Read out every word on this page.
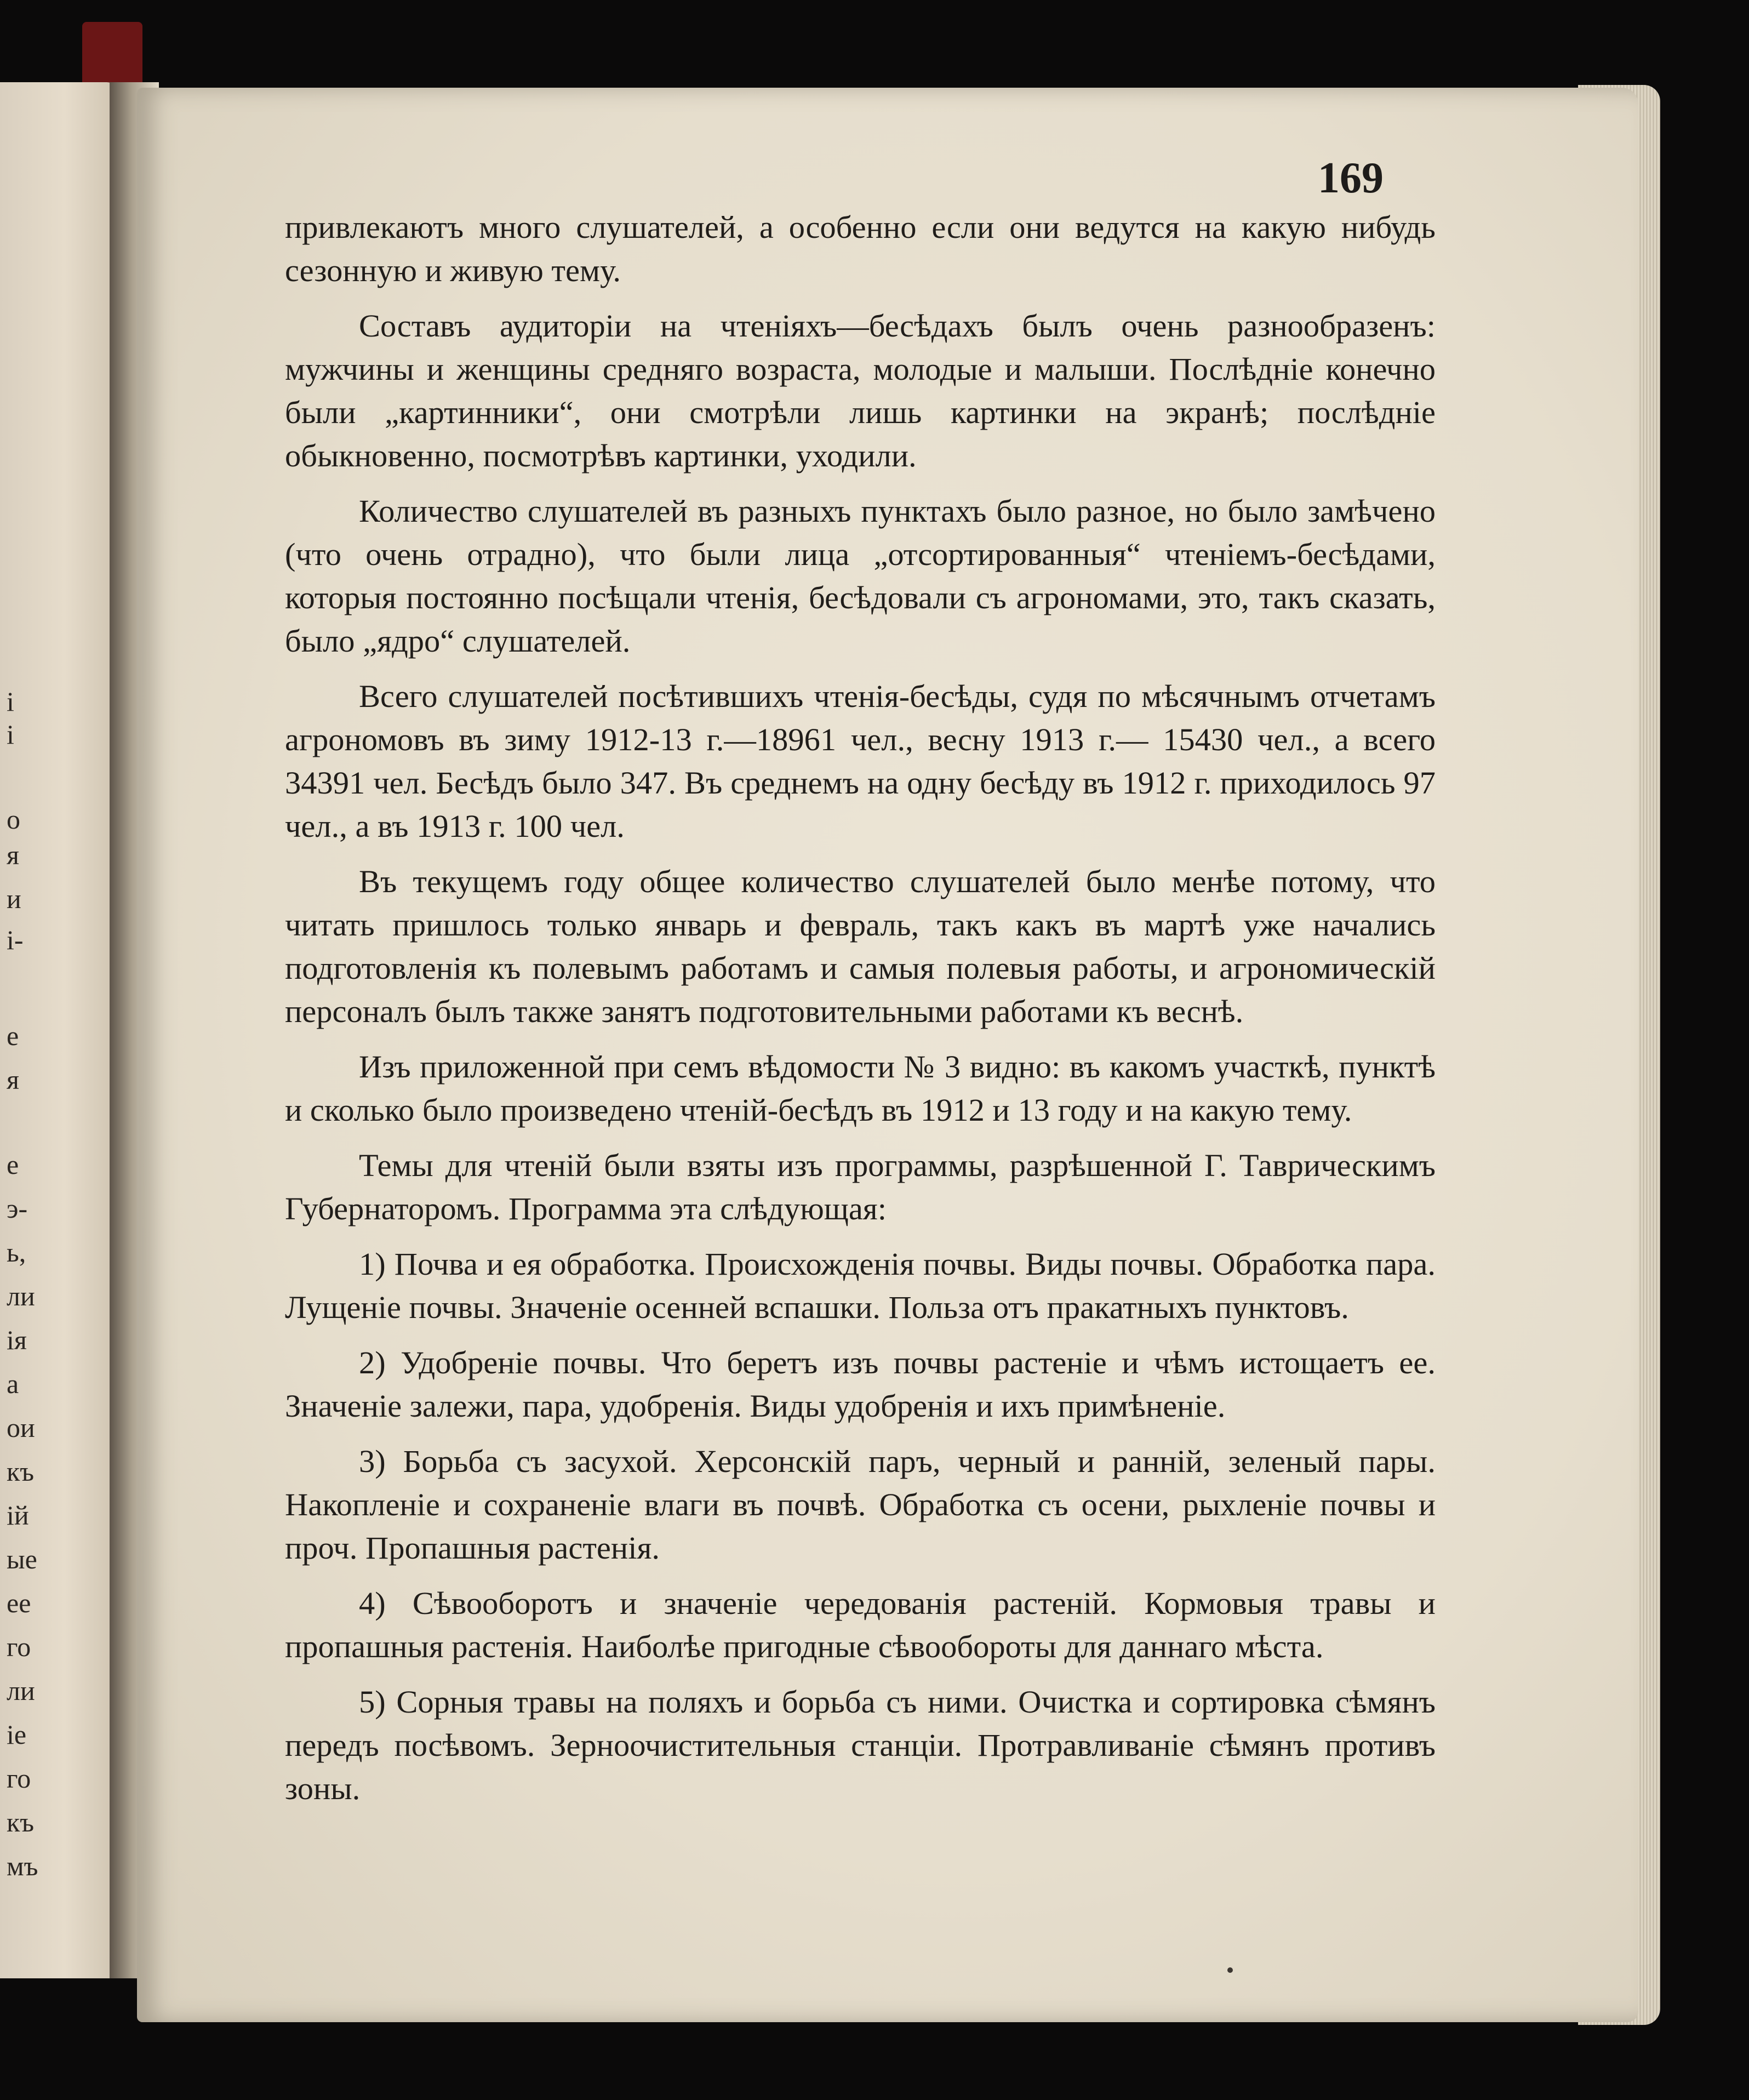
і
і
о
я
и
і-
е
я
е
э-
ь,
ли
ія
а
ои
къ
ій
ые
ее
го
ли
іе
го
къ
мъ
169

привлекаютъ много слушателей, а особенно если они ведутся на какую нибудь сезонную и живую тему.

Составъ аудиторіи на чтеніяхъ—бесѣдахъ былъ очень разнообразенъ: мужчины и женщины средняго возраста, молодые и малыши. Послѣдніе конечно были „картинники“, они смотрѣли лишь картинки на экранѣ; послѣдніе обыкновенно, посмотрѣвъ картинки, уходили.

Количество слушателей въ разныхъ пунктахъ было разное, но было замѣчено (что очень отрадно), что были лица „отсортированныя“ чтеніемъ-бесѣдами, которыя постоянно посѣщали чтенія, бесѣдовали съ агрономами, это, такъ сказать, было „ядро“ слушателей.

Всего слушателей посѣтившихъ чтенія-бесѣды, судя по мѣсячнымъ отчетамъ агрономовъ въ зиму 1912-13 г.—18961 чел., весну 1913 г.— 15430 чел., а всего 34391 чел. Бесѣдъ было 347. Въ среднемъ на одну бесѣду въ 1912 г. приходилось 97 чел., а въ 1913 г. 100 чел.

Въ текущемъ году общее количество слушателей было менѣе потому, что читать пришлось только январь и февраль, такъ какъ въ мартѣ уже начались подготовленія къ полевымъ работамъ и самыя полевыя работы, и агрономическій персоналъ былъ также занятъ подготовительными работами къ веснѣ.

Изъ приложенной при семъ вѣдомости № 3 видно: въ какомъ участкѣ, пунктѣ и сколько было произведено чтеній-бесѣдъ въ 1912 и 13 году и на какую тему.

Темы для чтеній были взяты изъ программы, разрѣшенной Г. Таврическимъ Губернаторомъ. Программа эта слѣдующая:

1) Почва и ея обработка. Происхожденія почвы. Виды почвы. Обработка пара. Лущеніе почвы. Значеніе осенней вспашки. Польза отъ пракатныхъ пунктовъ.

2) Удобреніе почвы. Что беретъ изъ почвы растеніе и чѣмъ истощаетъ ее. Значеніе залежи, пара, удобренія. Виды удобренія и ихъ примѣненіе.

3) Борьба съ засухой. Херсонскій паръ, черный и ранній, зеленый пары. Накопленіе и сохраненіе влаги въ почвѣ. Обработка съ осени, рыхленіе почвы и проч. Пропашныя растенія.

4) Сѣвооборотъ и значеніе чередованія растеній. Кормовыя травы и пропашныя растенія. Наиболѣе пригодные сѣвообороты для даннаго мѣста.

5) Сорныя травы на поляхъ и борьба съ ними. Очистка и сортировка сѣмянъ передъ посѣвомъ. Зерноочистительныя станціи. Протравливаніе сѣмянъ противъ зоны.
